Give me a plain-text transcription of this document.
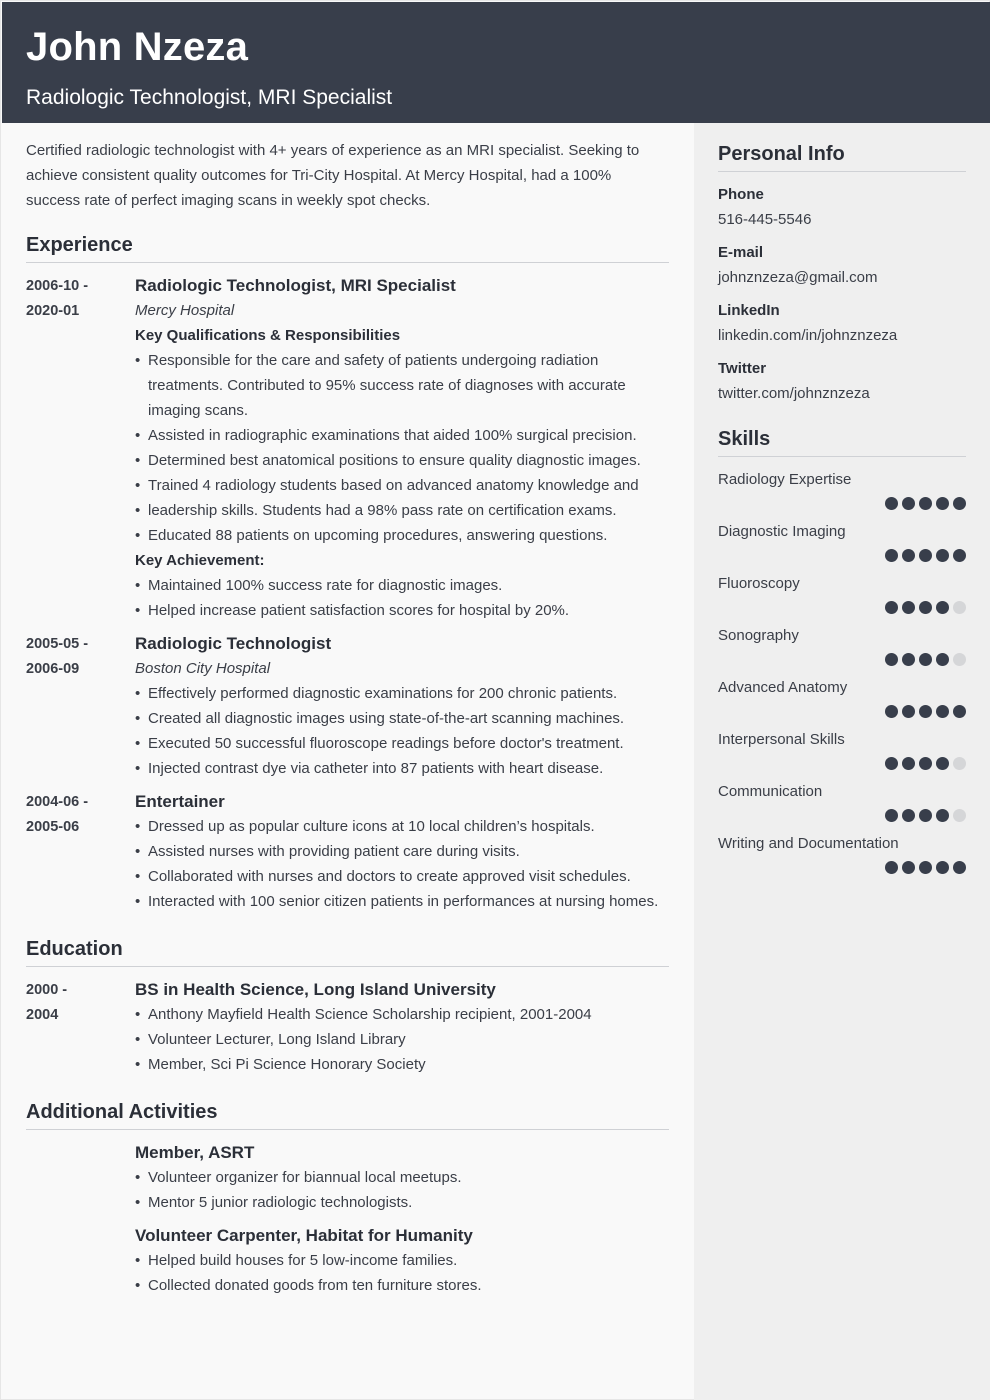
John Nzeza
Radiologic Technologist, MRI Specialist

Certified radiologic technologist with 4+ years of experience as an MRI specialist. Seeking to achieve consistent quality outcomes for Tri-City Hospital. At Mercy Hospital, had a 100% success rate of perfect imaging scans in weekly spot checks.

Experience
2006-10 -
2020-01
Radiologic Technologist, MRI Specialist
Mercy Hospital
Key Qualifications & Responsibilities
• Responsible for the care and safety of patients undergoing radiation treatments. Contributed to 95% success rate of diagnoses with accurate imaging scans.
• Assisted in radiographic examinations that aided 100% surgical precision.
• Determined best anatomical positions to ensure quality diagnostic images.
• Trained 4 radiology students based on advanced anatomy knowledge and
• leadership skills. Students had a 98% pass rate on certification exams.
• Educated 88 patients on upcoming procedures, answering questions.
Key Achievement:
• Maintained 100% success rate for diagnostic images.
• Helped increase patient satisfaction scores for hospital by 20%.
2005-05 -
2006-09
Radiologic Technologist
Boston City Hospital
• Effectively performed diagnostic examinations for 200 chronic patients.
• Created all diagnostic images using state-of-the-art scanning machines.
• Executed 50 successful fluoroscope readings before doctor's treatment.
• Injected contrast dye via catheter into 87 patients with heart disease.
2004-06 -
2005-06
Entertainer
• Dressed up as popular culture icons at 10 local children’s hospitals.
• Assisted nurses with providing patient care during visits.
• Collaborated with nurses and doctors to create approved visit schedules.
• Interacted with 100 senior citizen patients in performances at nursing homes.
Education
2000 -
2004
BS in Health Science, Long Island University
• Anthony Mayfield Health Science Scholarship recipient, 2001-2004
• Volunteer Lecturer, Long Island Library
• Member, Sci Pi Science Honorary Society
Additional Activities
Member, ASRT
• Volunteer organizer for biannual local meetups.
• Mentor 5 junior radiologic technologists.
Volunteer Carpenter, Habitat for Humanity
• Helped build houses for 5 low-income families.
• Collected donated goods from ten furniture stores.
Personal Info
Phone
516-445-5546
E-mail
johnznzeza@gmail.com
LinkedIn
linkedin.com/in/johnznzeza
Twitter
twitter.com/johnznzeza
Skills
Radiology Expertise
Diagnostic Imaging
Fluoroscopy
Sonography
Advanced Anatomy
Interpersonal Skills
Communication
Writing and Documentation
